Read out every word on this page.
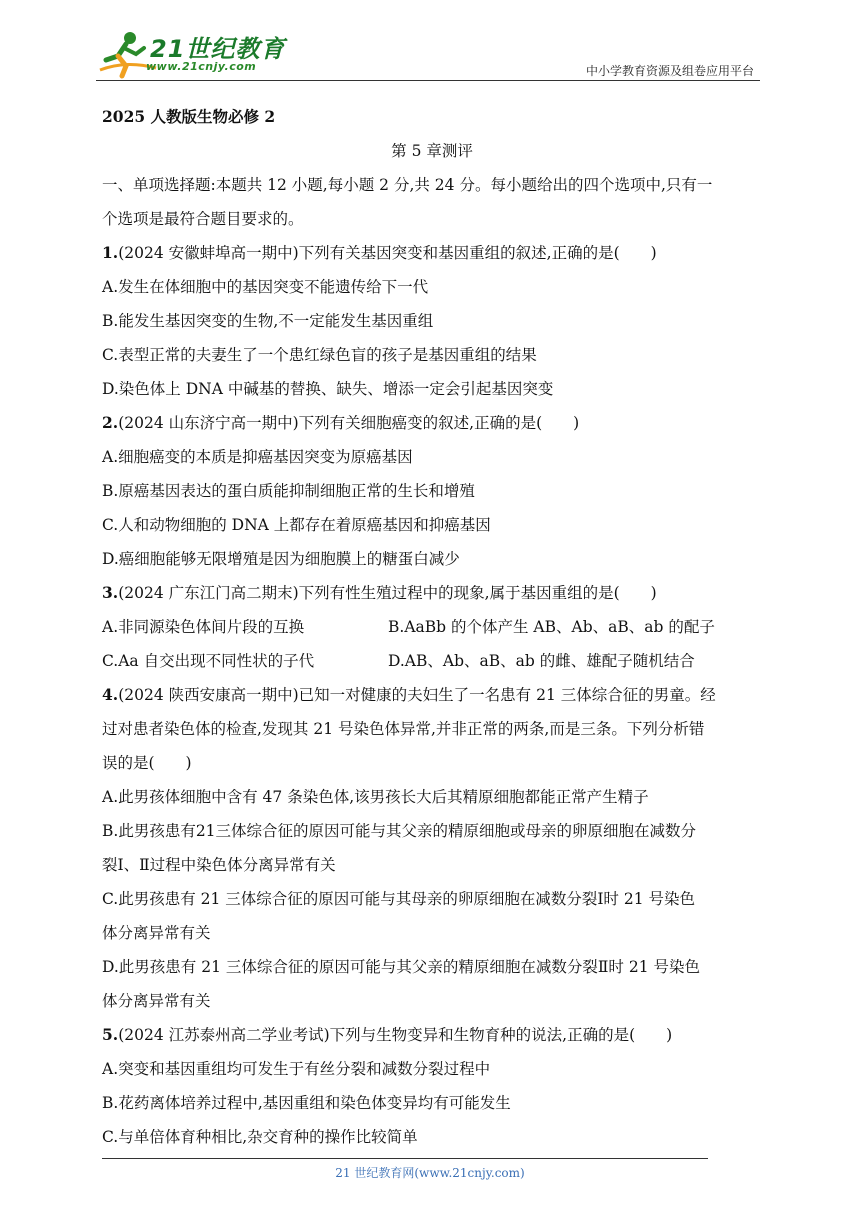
21世纪教育
www.21cnjy.com	中小学教育资源及组卷应用平台
2025 人教版生物必修 2
第 5 章测评
一、单项选择题:本题共 12 小题,每小题 2 分,共 24 分。每小题给出的四个选项中,只有一
个选项是最符合题目要求的。
1.(2024 安徽蚌埠高一期中)下列有关基因突变和基因重组的叙述,正确的是(　　)
A.发生在体细胞中的基因突变不能遗传给下一代
B.能发生基因突变的生物,不一定能发生基因重组
C.表型正常的夫妻生了一个患红绿色盲的孩子是基因重组的结果
D.染色体上 DNA 中碱基的替换、缺失、增添一定会引起基因突变
2.(2024 山东济宁高一期中)下列有关细胞癌变的叙述,正确的是(　　)
A.细胞癌变的本质是抑癌基因突变为原癌基因
B.原癌基因表达的蛋白质能抑制细胞正常的生长和增殖
C.人和动物细胞的 DNA 上都存在着原癌基因和抑癌基因
D.癌细胞能够无限增殖是因为细胞膜上的糖蛋白减少
3.(2024 广东江门高二期末)下列有性生殖过程中的现象,属于基因重组的是(　　)
A.非同源染色体间片段的互换	B.AaBb 的个体产生 AB、Ab、aB、ab 的配子
C.Aa 自交出现不同性状的子代	D.AB、Ab、aB、ab 的雌、雄配子随机结合
4.(2024 陕西安康高一期中)已知一对健康的夫妇生了一名患有 21 三体综合征的男童。经
过对患者染色体的检查,发现其 21 号染色体异常,并非正常的两条,而是三条。下列分析错
误的是(　　)
A.此男孩体细胞中含有 47 条染色体,该男孩长大后其精原细胞都能正常产生精子
B.此男孩患有21三体综合征的原因可能与其父亲的精原细胞或母亲的卵原细胞在减数分
裂Ⅰ、Ⅱ过程中染色体分离异常有关
C.此男孩患有 21 三体综合征的原因可能与其母亲的卵原细胞在减数分裂Ⅰ时 21 号染色
体分离异常有关
D.此男孩患有 21 三体综合征的原因可能与其父亲的精原细胞在减数分裂Ⅱ时 21 号染色
体分离异常有关
5.(2024 江苏泰州高二学业考试)下列与生物变异和生物育种的说法,正确的是(　　)
A.突变和基因重组均可发生于有丝分裂和减数分裂过程中
B.花药离体培养过程中,基因重组和染色体变异均有可能发生
C.与单倍体育种相比,杂交育种的操作比较简单
21 世纪教育网(www.21cnjy.com)
